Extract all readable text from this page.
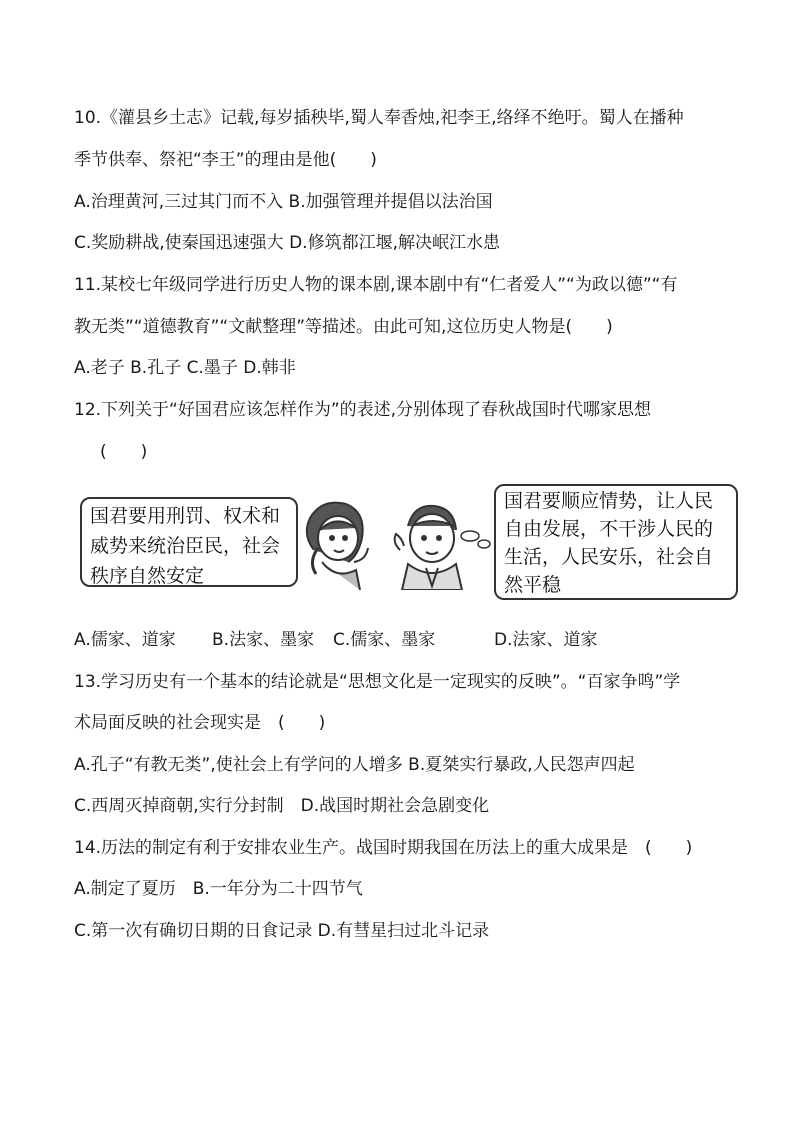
10.《灌县乡土志》记载,每岁插秧毕,蜀人奉香烛,祀李王,络绎不绝吁。蜀人在播种
季节供奉、祭祀“李王”的理由是他(　　)
A.治理黄河,三过其门而不入 B.加强管理并提倡以法治国
C.奖励耕战,使秦国迅速强大 D.修筑都江堰,解决岷江水患
11.某校七年级同学进行历史人物的课本剧,课本剧中有“仁者爱人”“为政以德”“有
教无类”“道德教育”“文献整理”等描述。由此可知,这位历史人物是(　　)
A.老子 B.孔子 C.墨子 D.韩非
12.下列关于“好国君应该怎样作为”的表述,分别体现了春秋战国时代哪家思想
(　　)
国君要用刑罚、权术和
威势来统治臣民，社会
秩序自然安定
国君要顺应情势，让人民
自由发展，不干涉人民的
生活，人民安乐，社会自
然平稳
A.儒家、道家 B.法家、墨家 C.儒家、墨家	D.法家、道家
13.学习历史有一个基本的结论就是“思想文化是一定现实的反映”。“百家争鸣”学
术局面反映的社会现实是　(　　)
A.孔子“有教无类”,使社会上有学问的人增多 B.夏桀实行暴政,人民怨声四起
C.西周灭掉商朝,实行分封制　D.战国时期社会急剧变化
14.历法的制定有利于安排农业生产。战国时期我国在历法上的重大成果是　(　　)
A.制定了夏历　B.一年分为二十四节气
C.第一次有确切日期的日食记录 D.有彗星扫过北斗记录
